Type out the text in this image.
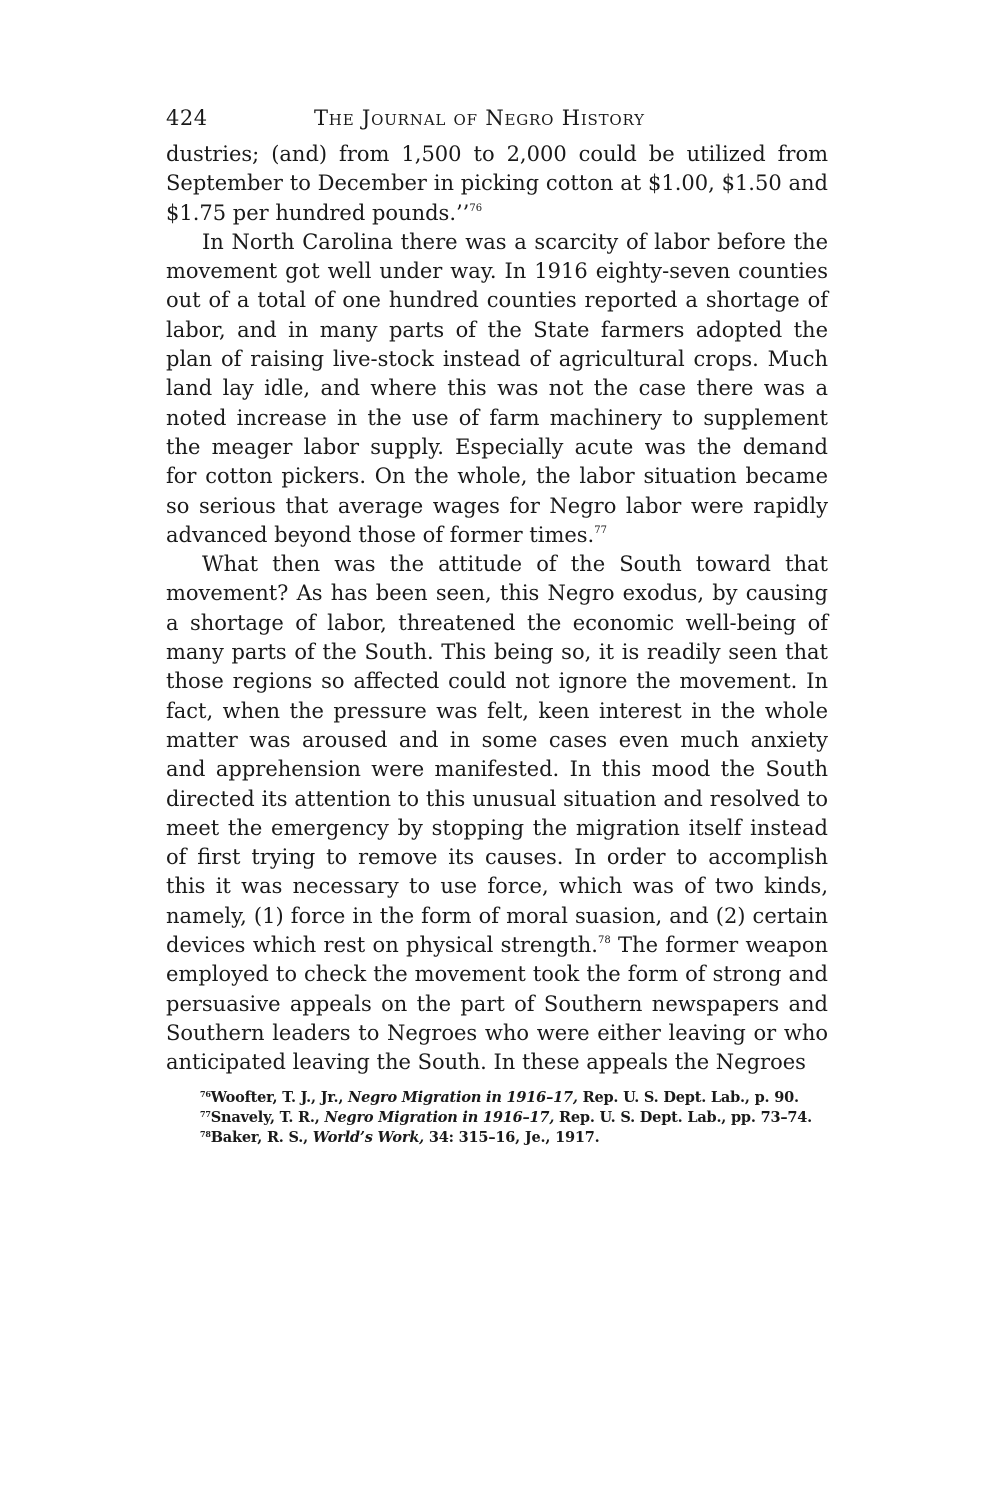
424	The Journal of Negro History

dustries; (and) from 1,500 to 2,000 could be utilized from September to December in picking cotton at $1.00, $1.50 and $1.75 per hundred pounds.’’$^{76}$

In North Carolina there was a scarcity of labor before the movement got well under way. In 1916 eighty-seven counties out of a total of one hundred counties reported a shortage of labor, and in many parts of the State farmers adopted the plan of raising live-stock instead of agricultural crops. Much land lay idle, and where this was not the case there was a noted increase in the use of farm machinery to supplement the meager labor supply. Especially acute was the demand for cotton pickers. On the whole, the labor situation became so serious that average wages for Negro labor were rapidly advanced beyond those of former times.$^{77}$

What then was the attitude of the South toward that movement? As has been seen, this Negro exodus, by causing a shortage of labor, threatened the economic well-being of many parts of the South. This being so, it is readily seen that those regions so affected could not ignore the movement. In fact, when the pressure was felt, keen interest in the whole matter was aroused and in some cases even much anxiety and apprehension were manifested. In this mood the South directed its attention to this unusual situation and resolved to meet the emergency by stopping the migration itself instead of first trying to remove its causes. In order to accomplish this it was necessary to use force, which was of two kinds, namely, (1) force in the form of moral suasion, and (2) certain devices which rest on physical strength.$^{78}$ The former weapon employed to check the movement took the form of strong and persuasive appeals on the part of Southern newspapers and Southern leaders to Negroes who were either leaving or who anticipated leaving the South. In these appeals the Negroes

$^{76}$Woofter, T. J., Jr., Negro Migration in 1916–17, Rep. U. S. Dept. Lab., p. 90.

$^{77}$Snavely, T. R., Negro Migration in 1916–17, Rep. U. S. Dept. Lab., pp. 73–74.

$^{78}$Baker, R. S., World’s Work, 34: 315–16, Je., 1917.
